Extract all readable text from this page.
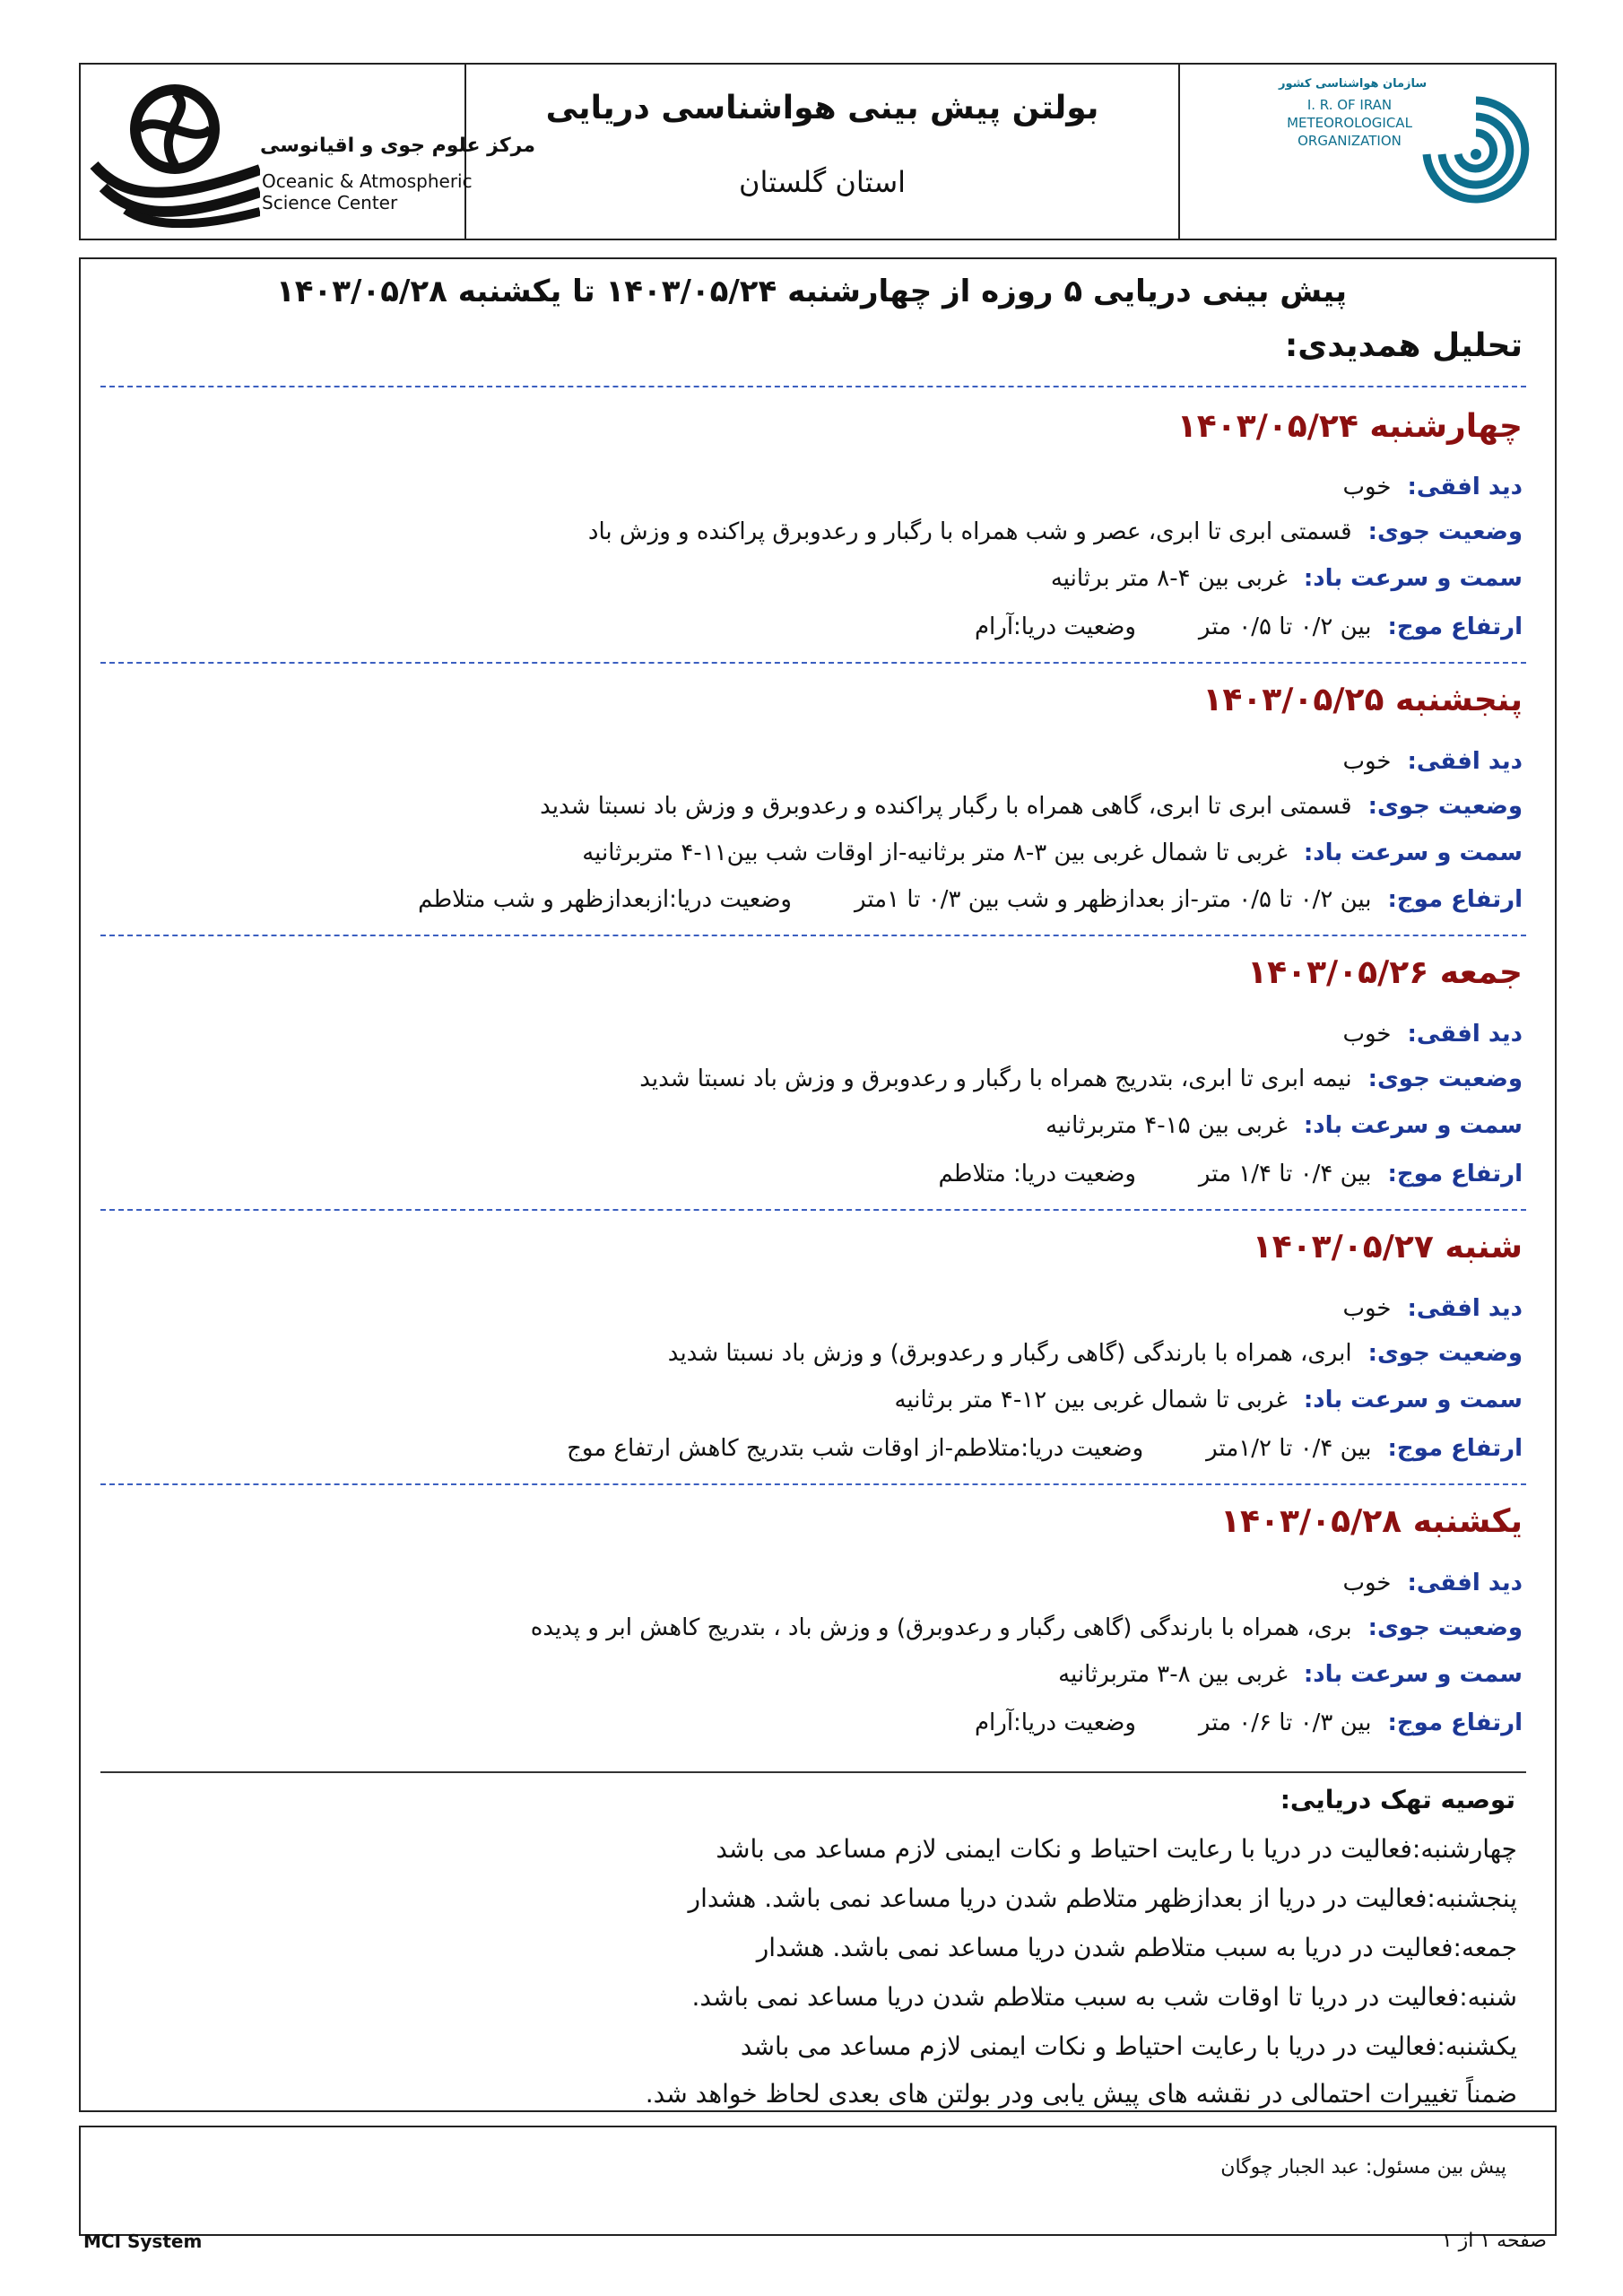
مرکز علوم جوی و اقیانوسی
Oceanic & Atmospheric
Science Center
بولتن پیش بینی هواشناسی دریایی
استان گلستان
سازمان هواشناسی کشور
I. R. OF IRAN
METEOROLOGICAL
ORGANIZATION
پیش بینی دریایی ۵ روزه از چهارشنبه ۱۴۰۳/۰۵/۲۴ تا یکشنبه ۱۴۰۳/۰۵/۲۸
تحلیل همدیدی:
چهارشنبه ۱۴۰۳/۰۵/۲۴
دید افقی:خوب
وضعیت جوی:قسمتی ابری تا ابری، عصر و شب همراه با رگبار و رعدوبرق پراکنده و وزش باد
سمت و سرعت باد:غربی بین ۴-۸ متر برثانیه
ارتفاع موج:بین ۰/۲ تا ۰/۵ متروضعیت دریا:آرام
پنجشنبه ۱۴۰۳/۰۵/۲۵
دید افقی:خوب
وضعیت جوی:قسمتی ابری تا ابری، گاهی همراه با رگبار پراکنده و رعدوبرق و وزش باد نسبتا شدید
سمت و سرعت باد:غربی تا شمال غربی بین ۳-۸ متر برثانیه-از اوقات شب بین۱۱-۴ متربرثانیه
ارتفاع موج:بین ۰/۲ تا ۰/۵ متر-از بعدازظهر و شب بین ۰/۳ تا ۱متروضعیت دریا:ازبعدازظهر و شب متلاطم
جمعه ۱۴۰۳/۰۵/۲۶
دید افقی:خوب
وضعیت جوی:نیمه ابری تا ابری، بتدریج همراه با رگبار و رعدوبرق و وزش باد نسبتا شدید
سمت و سرعت باد:غربی بین ۱۵-۴ متربرثانیه
ارتفاع موج:بین ۰/۴ تا ۱/۴ متروضعیت دریا: متلاطم
شنبه ۱۴۰۳/۰۵/۲۷
دید افقی:خوب
وضعیت جوی:ابری، همراه با بارندگی (گاهی رگبار و رعدوبرق) و وزش باد نسبتا شدید
سمت و سرعت باد:غربی تا شمال غربی بین ۱۲-۴ متر برثانیه
ارتفاع موج:بین ۰/۴ تا ۱/۲متروضعیت دریا:متلاطم-از اوقات شب بتدریج کاهش ارتفاع موج
یکشنبه ۱۴۰۳/۰۵/۲۸
دید افقی:خوب
وضعیت جوی:بری، همراه با بارندگی (گاهی رگبار و رعدوبرق) و وزش باد ، بتدریج کاهش ابر و پدیده
سمت و سرعت باد:غربی بین ۸-۳ متربرثانیه
ارتفاع موج:بین ۰/۳ تا ۰/۶ متروضعیت دریا:آرام
توصیه تهک دریایی:
چهارشنبه:فعالیت در دریا با رعایت احتیاط و نکات ایمنی لازم مساعد می باشد
پنجشنبه:فعالیت در دریا از بعدازظهر متلاطم شدن دریا مساعد نمی باشد. هشدار
جمعه:فعالیت در دریا به سبب متلاطم شدن دریا مساعد نمی باشد. هشدار
شنبه:فعالیت در دریا تا اوقات شب به سبب متلاطم شدن دریا مساعد نمی باشد.
یکشنبه:فعالیت در دریا با رعایت احتیاط و نکات ایمنی لازم مساعد می باشد
ضمناً تغییرات احتمالی در نقشه های پیش یابی ودر بولتن های بعدی لحاظ خواهد شد.
پیش بین مسئول: عبد الجبار چوگان
MCI System	صفحه ۱ از ۱
